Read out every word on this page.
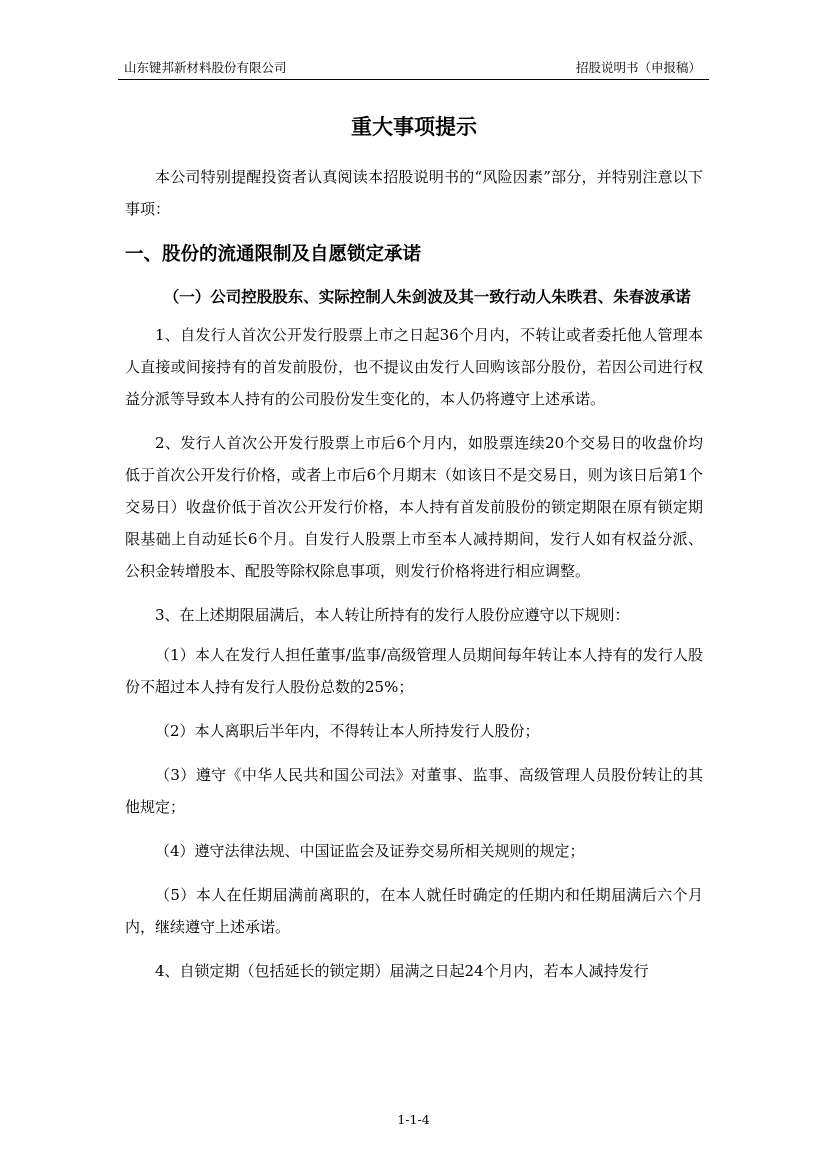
山东键邦新材料股份有限公司	招股说明书（申报稿）
重大事项提示

本公司特别提醒投资者认真阅读本招股说明书的“风险因素”部分，并特别注意以下事项：

一、股份的流通限制及自愿锁定承诺
（一）公司控股股东、实际控制人朱剑波及其一致行动人朱昳君、朱春波承诺

1、自发行人首次公开发行股票上市之日起36个月内，不转让或者委托他人管理本人直接或间接持有的首发前股份，也不提议由发行人回购该部分股份，若因公司进行权益分派等导致本人持有的公司股份发生变化的，本人仍将遵守上述承诺。

2、发行人首次公开发行股票上市后6个月内，如股票连续20个交易日的收盘价均低于首次公开发行价格，或者上市后6个月期末（如该日不是交易日，则为该日后第1个交易日）收盘价低于首次公开发行价格，本人持有首发前股份的锁定期限在原有锁定期限基础上自动延长6个月。自发行人股票上市至本人减持期间，发行人如有权益分派、公积金转增股本、配股等除权除息事项，则发行价格将进行相应调整。

3、在上述期限届满后，本人转让所持有的发行人股份应遵守以下规则：

（1）本人在发行人担任董事/监事/高级管理人员期间每年转让本人持有的发行人股份不超过本人持有发行人股份总数的25%；

（2）本人离职后半年内，不得转让本人所持发行人股份；

（3）遵守《中华人民共和国公司法》对董事、监事、高级管理人员股份转让的其他规定；

（4）遵守法律法规、中国证监会及证券交易所相关规则的规定；

（5）本人在任期届满前离职的，在本人就任时确定的任期内和任期届满后六个月内，继续遵守上述承诺。

4、自锁定期（包括延长的锁定期）届满之日起24个月内，若本人减持发行

1-1-4
